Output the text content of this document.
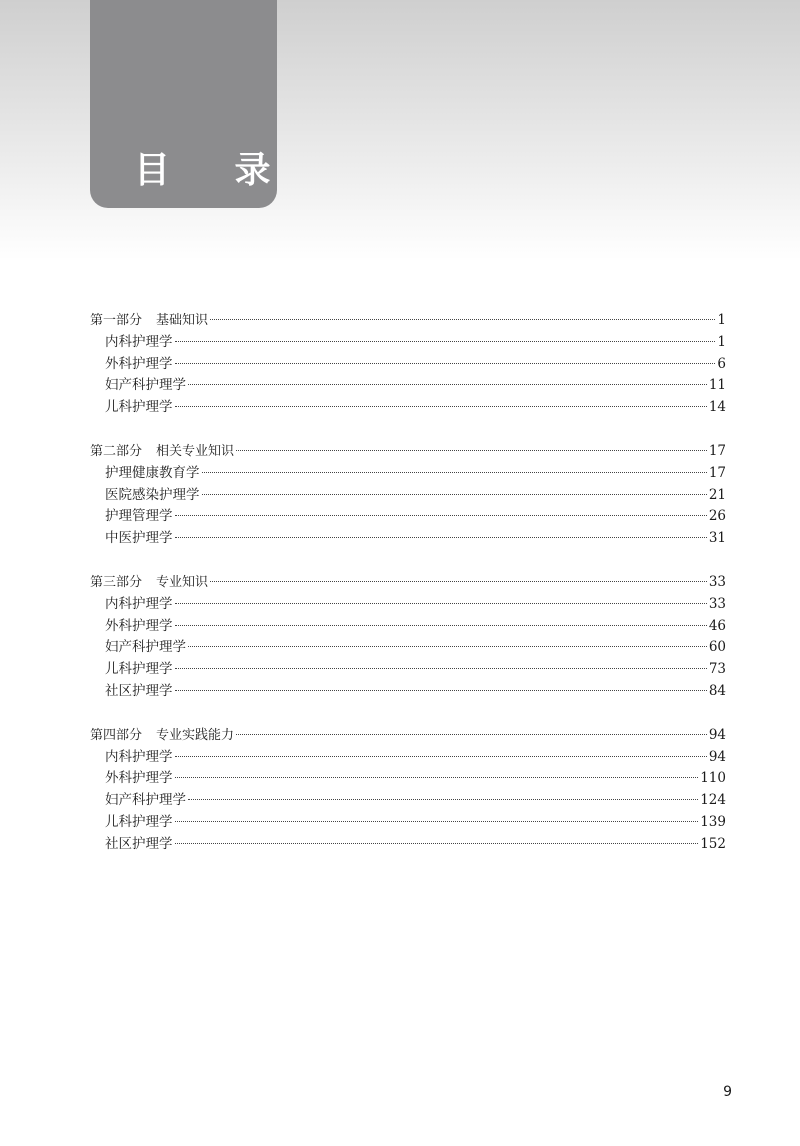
目 录
第一部分 基础知识	1
内科护理学	1
外科护理学	6
妇产科护理学	11
儿科护理学	14
第二部分 相关专业知识	17
护理健康教育学	17
医院感染护理学	21
护理管理学	26
中医护理学	31
第三部分 专业知识	33
内科护理学	33
外科护理学	46
妇产科护理学	60
儿科护理学	73
社区护理学	84
第四部分 专业实践能力	94
内科护理学	94
外科护理学	110
妇产科护理学	124
儿科护理学	139
社区护理学	152
9
